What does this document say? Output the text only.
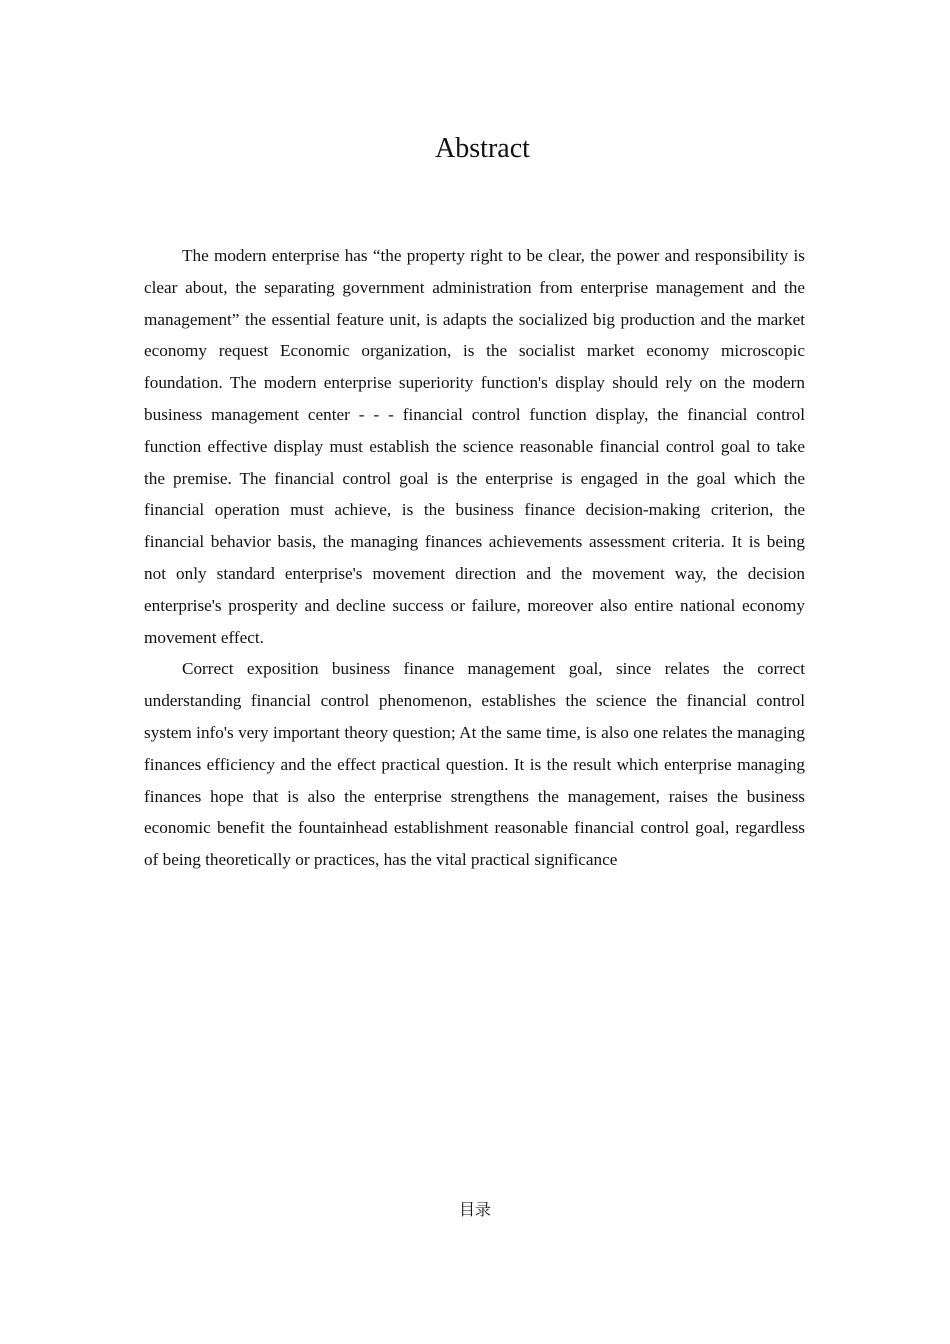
Abstract

The modern enterprise has “the property right to be clear, the power and responsibility is clear about, the separating government administration from enterprise management and the management” the essential feature unit, is adapts the socialized big production and the market economy request Economic organization, is the socialist market economy microscopic foundation. The modern enterprise superiority function's display should rely on the modern business management center - - - financial control function display, the financial control function effective display must establish the science reasonable financial control goal to take the premise. The financial control goal is the enterprise is engaged in the goal which the financial operation must achieve, is the business finance decision-making criterion, the financial behavior basis, the managing finances achievements assessment criteria. It is being not only standard enterprise's movement direction and the movement way, the decision enterprise's prosperity and decline success or failure, moreover also entire national economy movement effect.

Correct exposition business finance management goal, since relates the correct understanding financial control phenomenon, establishes the science the financial control system info's very important theory question; At the same time, is also one relates the managing finances efficiency and the effect practical question. It is the result which enterprise managing finances hope that is also the enterprise strengthens the management, raises the business economic benefit the fountainhead establishment reasonable financial control goal, regardless of being theoretically or practices, has the vital practical significance

目录
